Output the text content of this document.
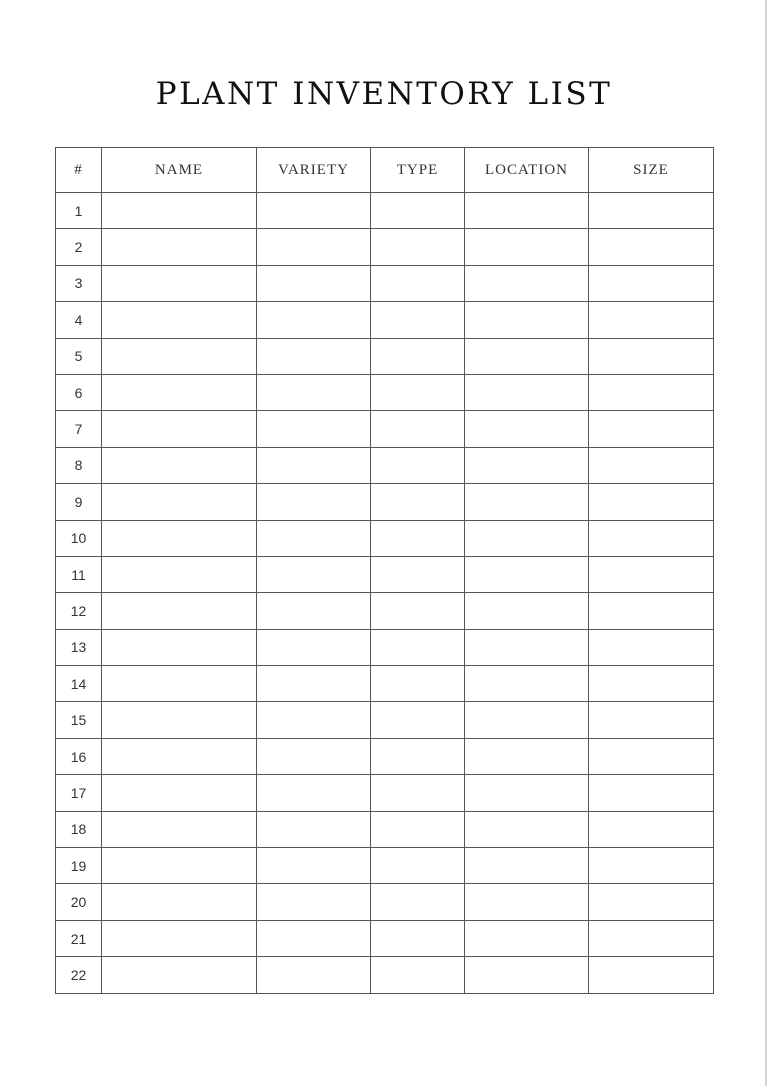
PLANT INVENTORY LIST
#	NAME	VARIETY	TYPE	LOCATION	SIZE
1					
2					
3					
4					
5					
6					
7					
8					
9					
10					
11					
12					
13					
14					
15					
16					
17					
18					
19					
20					
21					
22					
